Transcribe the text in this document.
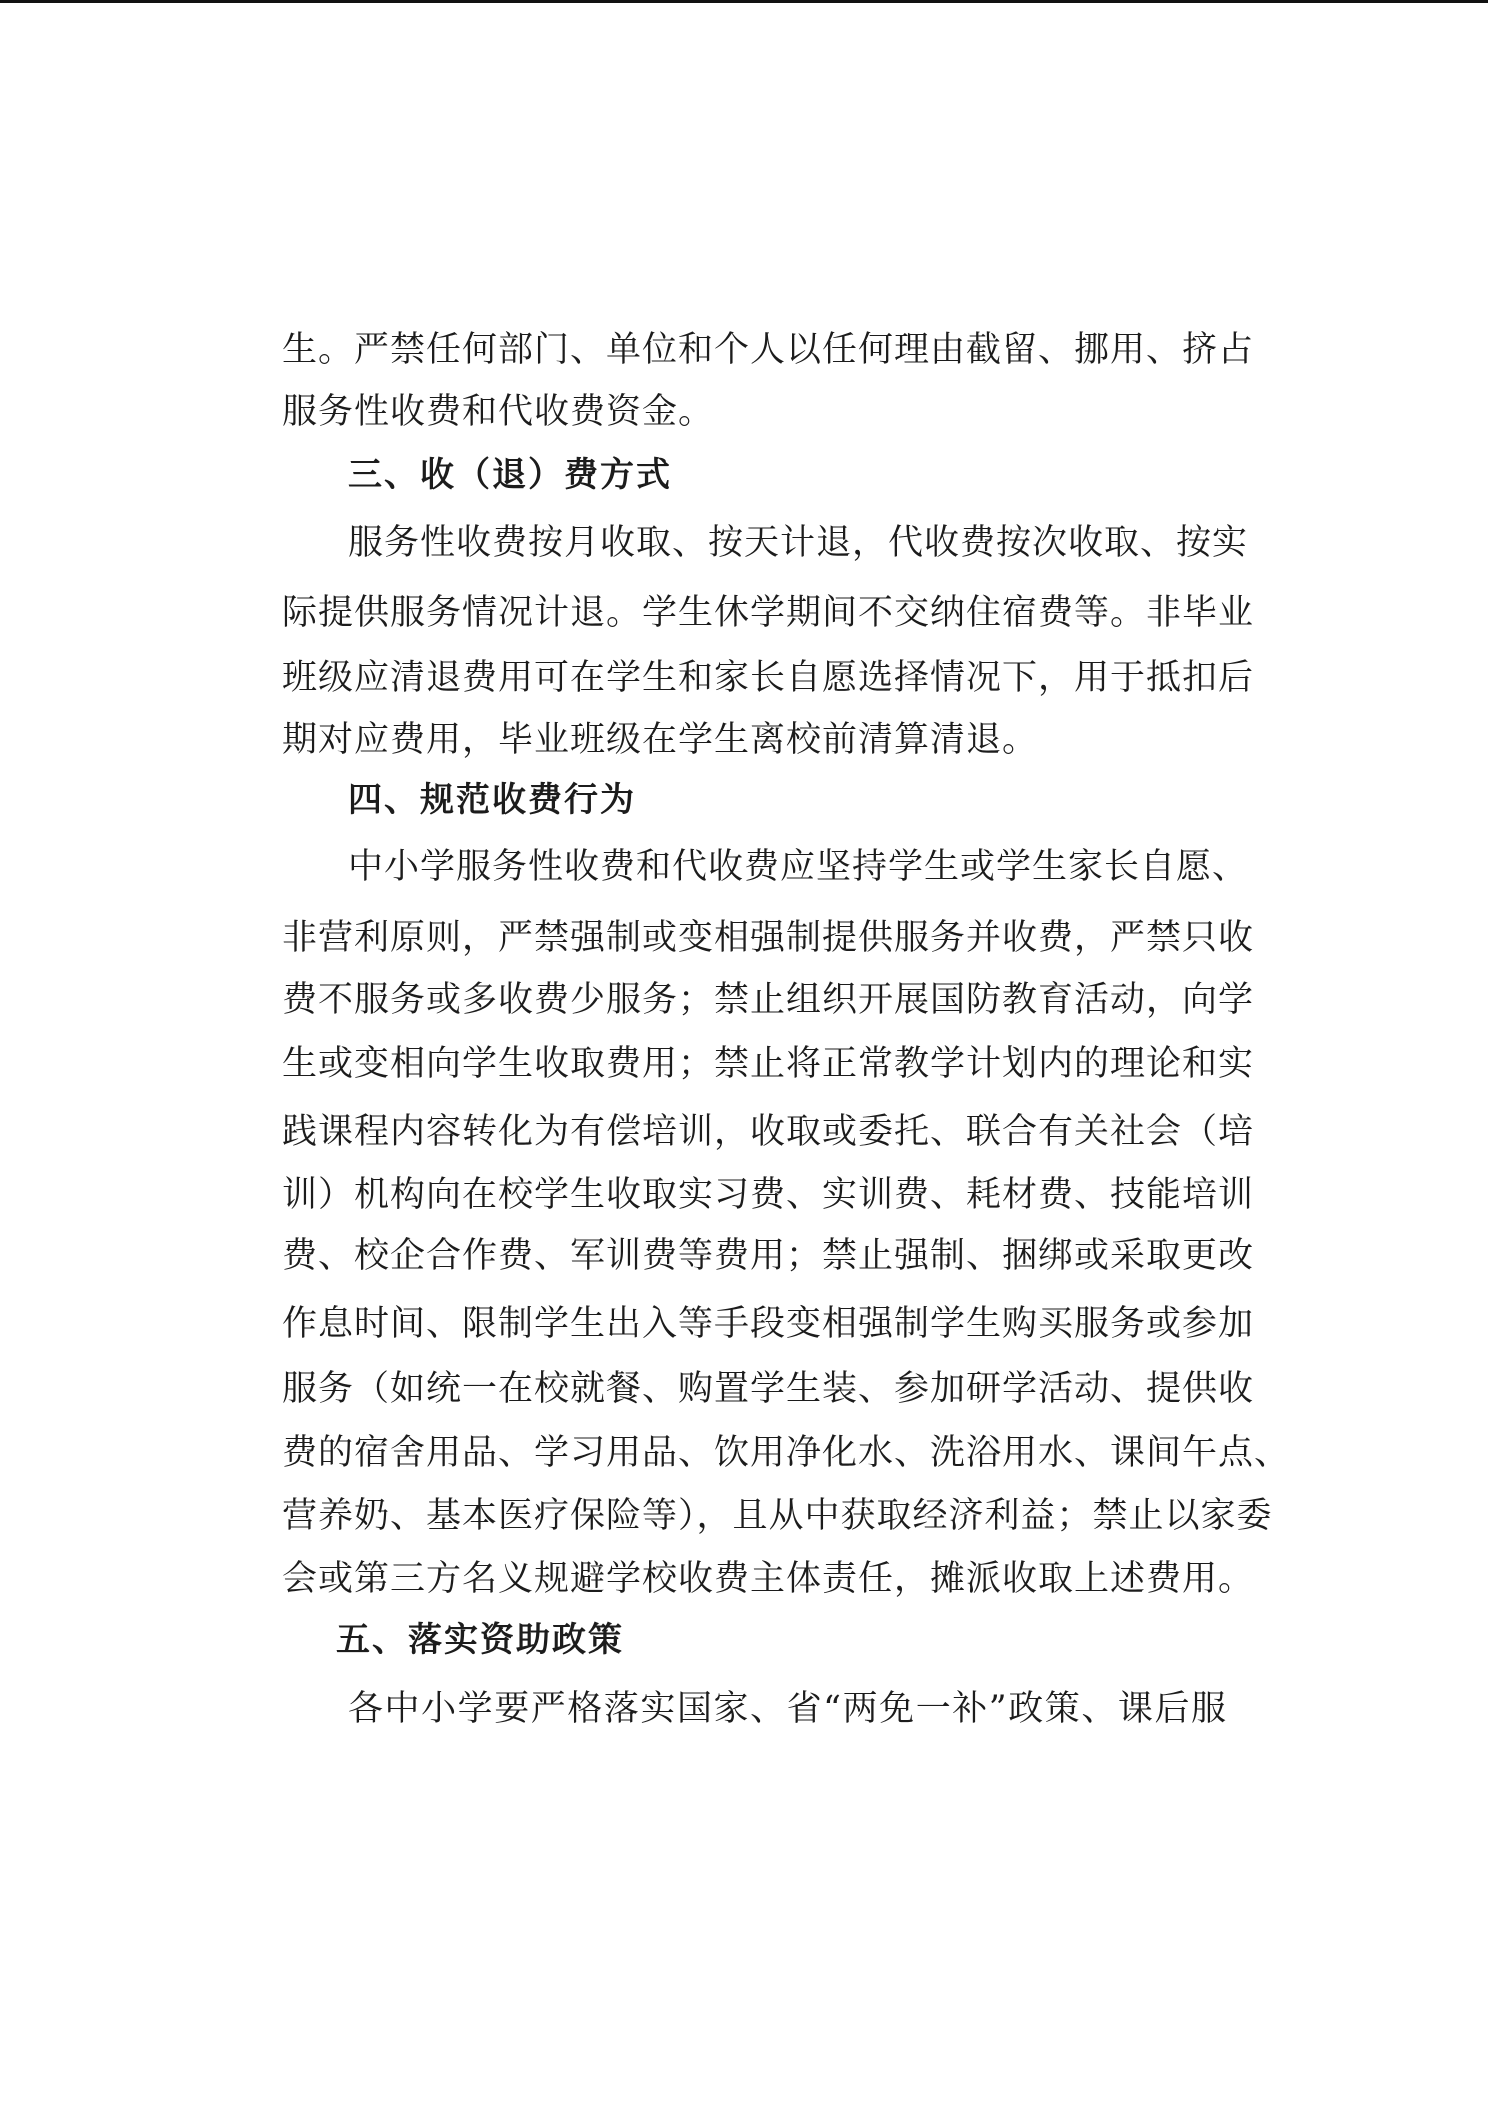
生。严禁任何部门、单位和个人以任何理由截留、挪用、挤占
服务性收费和代收费资金。
三、收（退）费方式
服务性收费按月收取、按天计退，代收费按次收取、按实
际提供服务情况计退。学生休学期间不交纳住宿费等。非毕业
班级应清退费用可在学生和家长自愿选择情况下，用于抵扣后
期对应费用，毕业班级在学生离校前清算清退。
四、规范收费行为
中小学服务性收费和代收费应坚持学生或学生家长自愿、
非营利原则，严禁强制或变相强制提供服务并收费，严禁只收
费不服务或多收费少服务；禁止组织开展国防教育活动，向学
生或变相向学生收取费用；禁止将正常教学计划内的理论和实
践课程内容转化为有偿培训，收取或委托、联合有关社会（培
训）机构向在校学生收取实习费、实训费、耗材费、技能培训
费、校企合作费、军训费等费用；禁止强制、捆绑或采取更改
作息时间、限制学生出入等手段变相强制学生购买服务或参加
服务（如统一在校就餐、购置学生装、参加研学活动、提供收
费的宿舍用品、学习用品、饮用净化水、洗浴用水、课间午点、
营养奶、基本医疗保险等），且从中获取经济利益；禁止以家委
会或第三方名义规避学校收费主体责任，摊派收取上述费用。
五、落实资助政策
各中小学要严格落实国家、省“两免一补”政策、课后服
